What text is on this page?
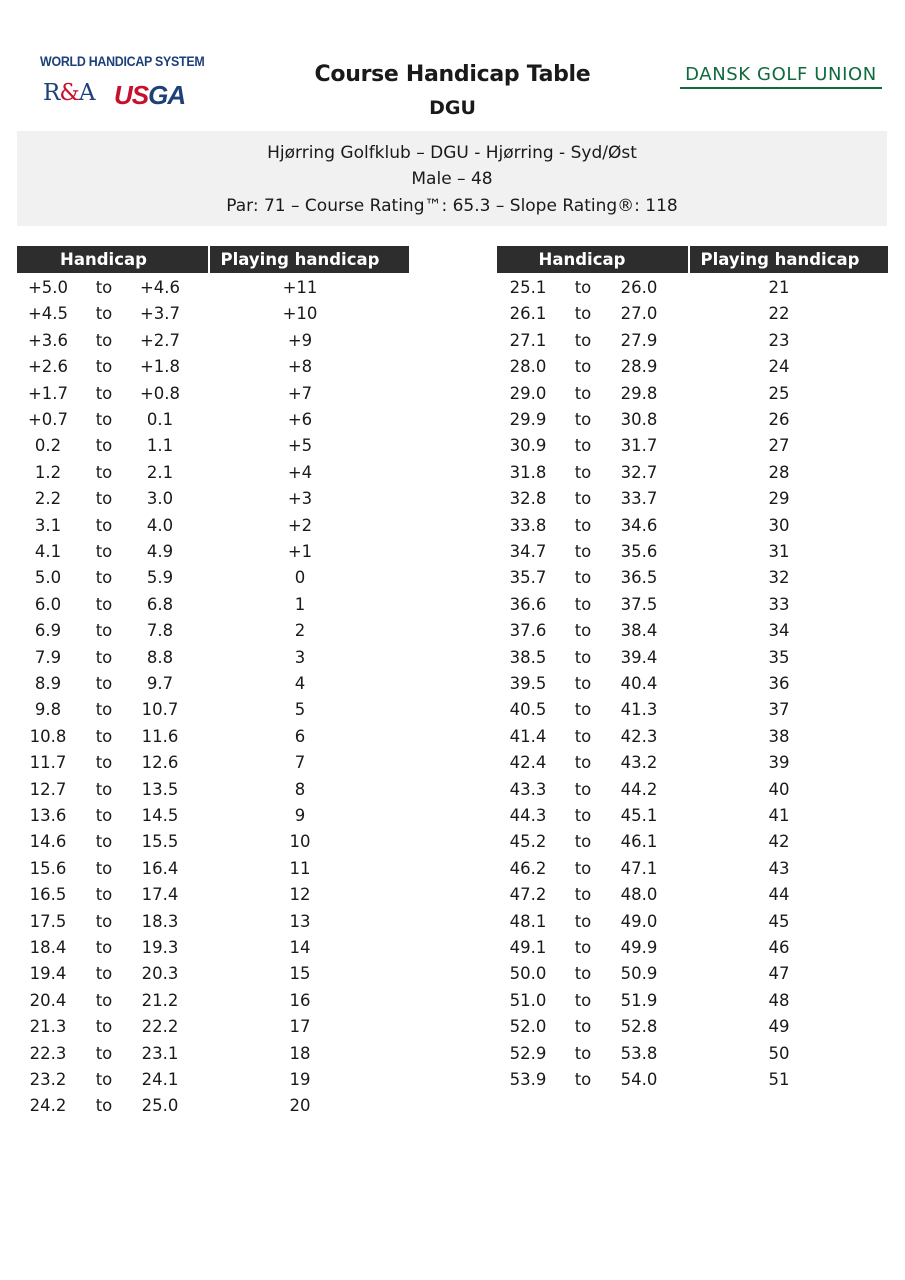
WORLD HANDICAP SYSTEM
R&A USGA
DANSK GOLF UNION
Course Handicap Table
DGU
Hjørring Golfklub – DGU - Hjørring - Syd/Øst
Male – 48
Par: 71 – Course Rating™: 65.3 – Slope Rating®: 118
Handicap	Playing handicap	Handicap	Playing handicap
+5.0	to	+4.6	+11
+4.5	to	+3.7	+10
+3.6	to	+2.7	+9
+2.6	to	+1.8	+8
+1.7	to	+0.8	+7
+0.7	to	0.1	+6
0.2	to	1.1	+5
1.2	to	2.1	+4
2.2	to	3.0	+3
3.1	to	4.0	+2
4.1	to	4.9	+1
5.0	to	5.9	0
6.0	to	6.8	1
6.9	to	7.8	2
7.9	to	8.8	3
8.9	to	9.7	4
9.8	to	10.7	5
10.8	to	11.6	6
11.7	to	12.6	7
12.7	to	13.5	8
13.6	to	14.5	9
14.6	to	15.5	10
15.6	to	16.4	11
16.5	to	17.4	12
17.5	to	18.3	13
18.4	to	19.3	14
19.4	to	20.3	15
20.4	to	21.2	16
21.3	to	22.2	17
22.3	to	23.1	18
23.2	to	24.1	19
24.2	to	25.0	20
25.1	to	26.0	21
26.1	to	27.0	22
27.1	to	27.9	23
28.0	to	28.9	24
29.0	to	29.8	25
29.9	to	30.8	26
30.9	to	31.7	27
31.8	to	32.7	28
32.8	to	33.7	29
33.8	to	34.6	30
34.7	to	35.6	31
35.7	to	36.5	32
36.6	to	37.5	33
37.6	to	38.4	34
38.5	to	39.4	35
39.5	to	40.4	36
40.5	to	41.3	37
41.4	to	42.3	38
42.4	to	43.2	39
43.3	to	44.2	40
44.3	to	45.1	41
45.2	to	46.1	42
46.2	to	47.1	43
47.2	to	48.0	44
48.1	to	49.0	45
49.1	to	49.9	46
50.0	to	50.9	47
51.0	to	51.9	48
52.0	to	52.8	49
52.9	to	53.8	50
53.9	to	54.0	51
